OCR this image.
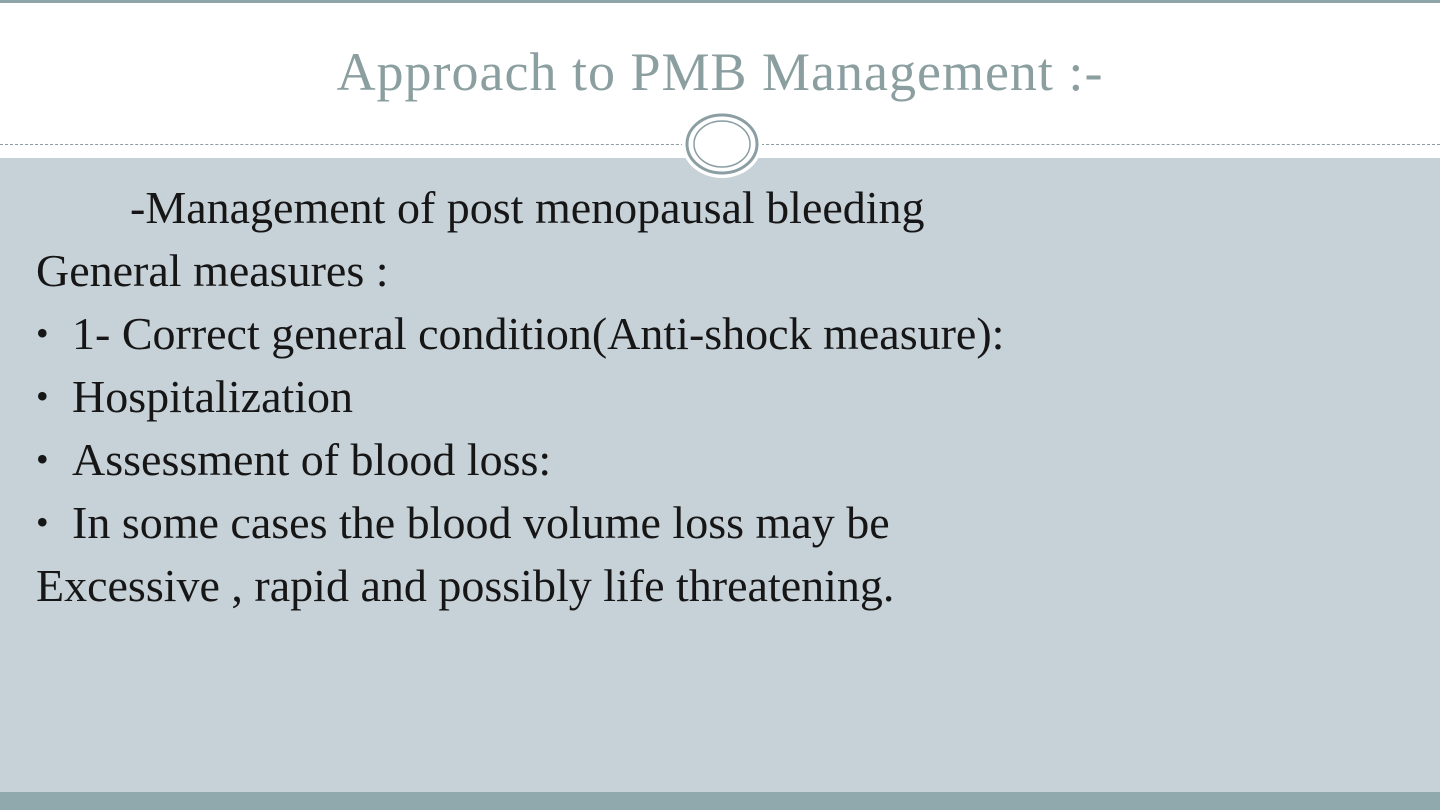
Approach to PMB Management :-
-Management of post menopausal bleeding
General measures :
• 1- Correct general condition(Anti-shock measure):
• Hospitalization
• Assessment of blood loss:
• In some cases the blood volume loss may be
Excessive , rapid and possibly life threatening.
